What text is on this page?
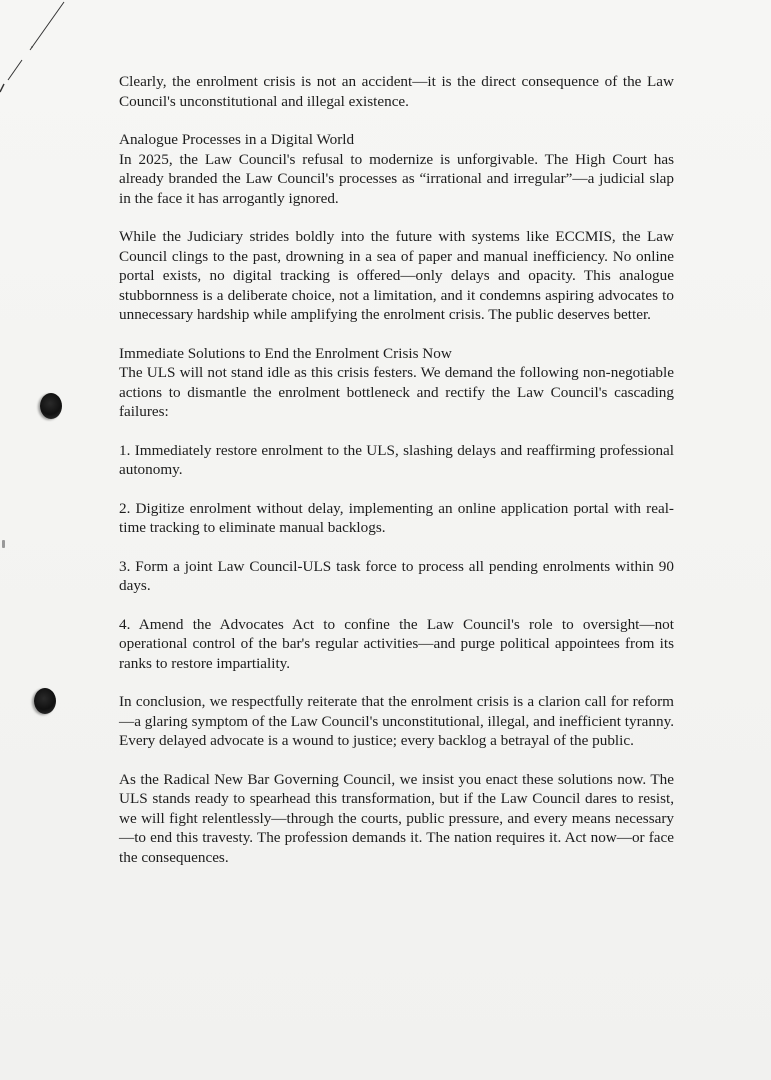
Clearly, the enrolment crisis is not an accident—it is the direct consequence of the Law Council's unconstitutional and illegal existence.

Analogue Processes in a Digital World

In 2025, the Law Council's refusal to modernize is unforgivable. The High Court has already branded the Law Council's processes as “irrational and irregular”—a judicial slap in the face it has arrogantly ignored.

While the Judiciary strides boldly into the future with systems like ECCMIS, the Law Council clings to the past, drowning in a sea of paper and manual inefficiency. No online portal exists, no digital tracking is offered—only delays and opacity. This analogue stubbornness is a deliberate choice, not a limitation, and it condemns aspiring advocates to unnecessary hardship while amplifying the enrolment crisis. The public deserves better.

Immediate Solutions to End the Enrolment Crisis Now

The ULS will not stand idle as this crisis festers. We demand the following non-negotiable actions to dismantle the enrolment bottleneck and rectify the Law Council's cascading failures:

1. Immediately restore enrolment to the ULS, slashing delays and reaffirming professional autonomy.

2. Digitize enrolment without delay, implementing an online application portal with real-time tracking to eliminate manual backlogs.

3. Form a joint Law Council-ULS task force to process all pending enrolments within 90 days.

4. Amend the Advocates Act to confine the Law Council's role to oversight—not operational control of the bar's regular activities—and purge political appointees from its ranks to restore impartiality.

In conclusion, we respectfully reiterate that the enrolment crisis is a clarion call for reform—a glaring symptom of the Law Council's unconstitutional, illegal, and inefficient tyranny. Every delayed advocate is a wound to justice; every backlog a betrayal of the public.

As the Radical New Bar Governing Council, we insist you enact these solutions now. The ULS stands ready to spearhead this transformation, but if the Law Council dares to resist, we will fight relentlessly—through the courts, public pressure, and every means necessary—to end this travesty. The profession demands it. The nation requires it. Act now—or face the consequences.
